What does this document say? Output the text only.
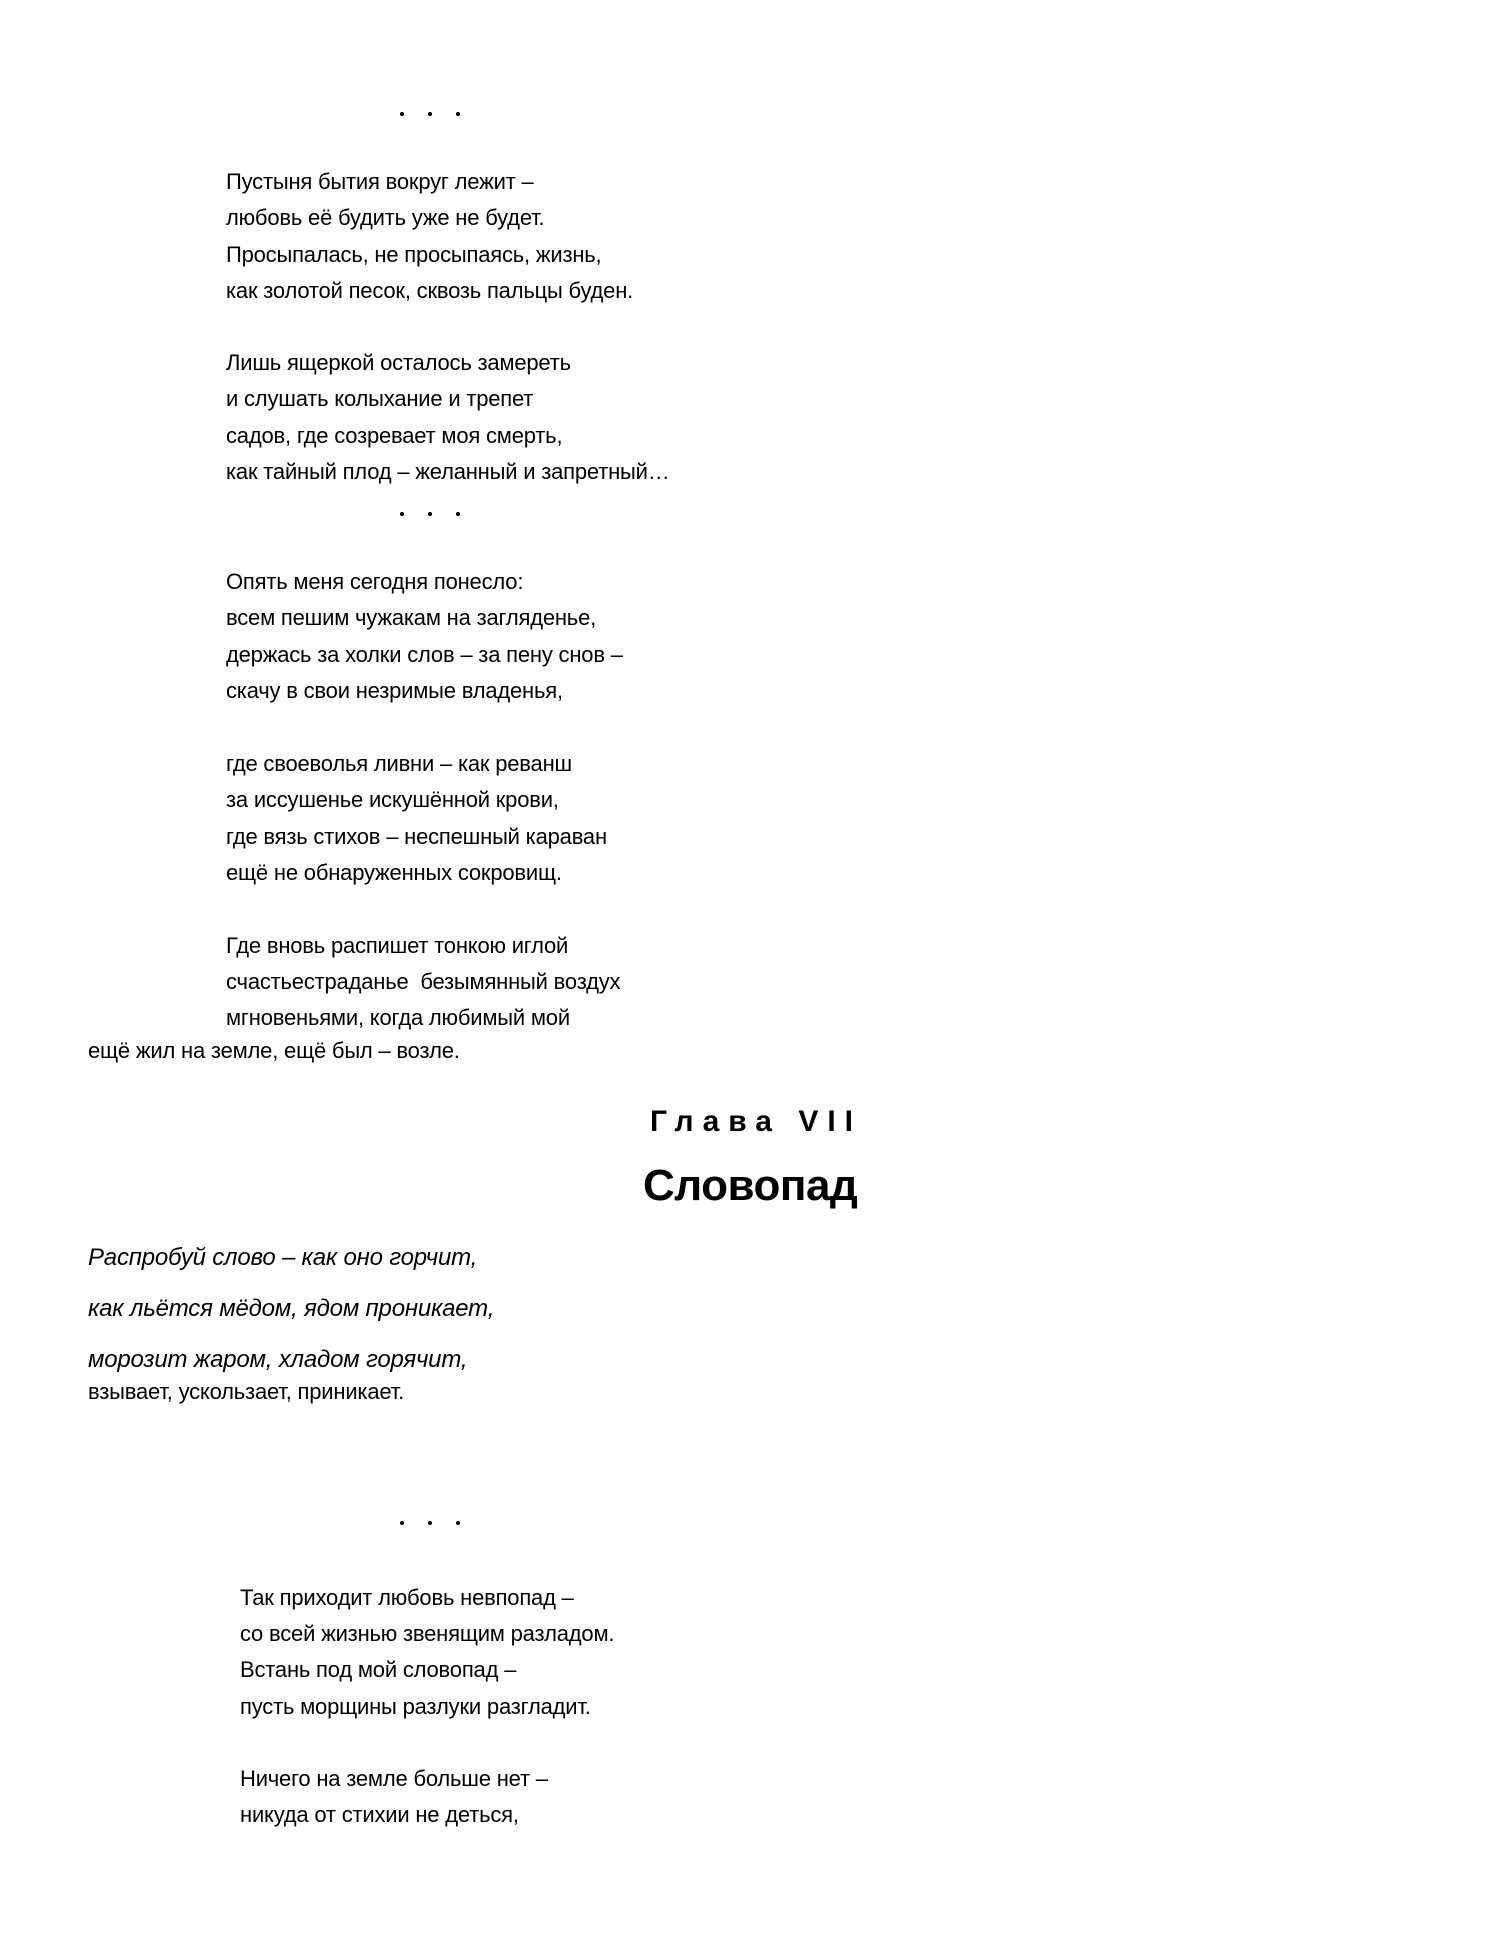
Пустыня бытия вокруг лежит –
любовь её будить уже не будет.
Просыпалась, не просыпаясь, жизнь,
как золотой песок, сквозь пальцы буден.
Лишь ящеркой осталось замереть
и слушать колыхание и трепет
садов, где созревает моя смерть,
как тайный плод – желанный и запретный…
Опять меня сегодня понесло:
всем пешим чужакам на загляденье,
держась за холки слов – за пену снов –
скачу в свои незримые владенья,
где своеволья ливни – как реванш
за иссушенье искушённой крови,
где вязь стихов – неспешный караван
ещё не обнаруженных сокровищ.
Где вновь распишет тонкою иглой
счастьестраданье  безымянный воздух
мгновеньями, когда любимый мой
ещё жил на земле, ещё был – возле.
Глава VII
Словопад
Распробуй слово – как оно горчит,
как льётся мёдом, ядом проникает,
морозит жаром, хладом горячит,
взывает, ускользает, приникает.
Так приходит любовь невпопад –
со всей жизнью звенящим разладом.
Встань под мой словопад –
пусть морщины разлуки разгладит.
Ничего на земле больше нет –
никуда от стихии не деться,
